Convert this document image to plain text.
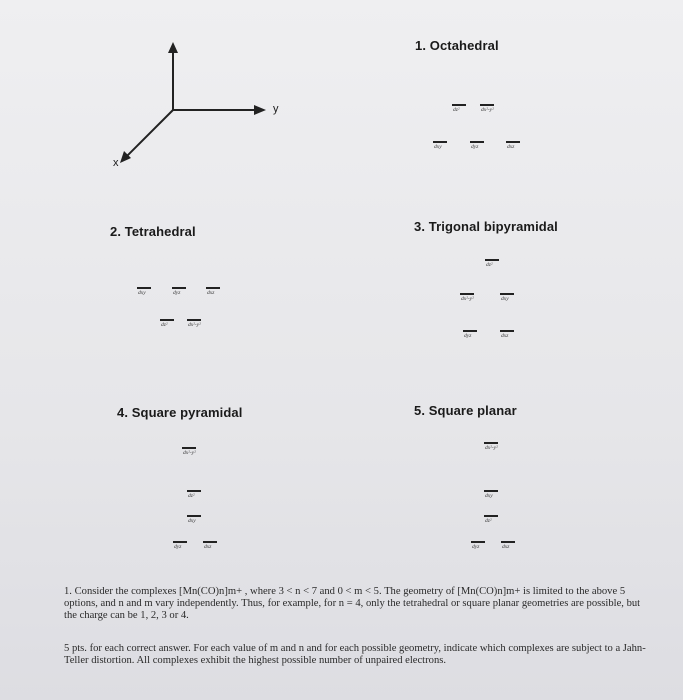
y
x
1. Octahedral
dz²	dx²-y²
dxy	dyz	dxz
2. Tetrahedral
dxy	dyz	dxz
dz²	dx²-y²
3. Trigonal bipyramidal
dz²
dx²-y²	dxy
dyz	dxz
4. Square pyramidal
dx²-y²
dz²
dxy
dyz	dxz
5. Square planar
dx²-y²
dxy
dz²
dyz	dxz
1. Consider the complexes [Mn(CO)n]m+ , where 3 < n < 7 and 0 < m < 5. The geometry of [Mn(CO)n]m+ is limited to the above 5 options, and n and m vary independently. Thus, for example, for n = 4, only the tetrahedral or square planar geometries are possible, but the charge can be 1, 2, 3 or 4.
5 pts. for each correct answer. For each value of m and n and for each possible geometry, indicate which complexes are subject to a Jahn-Teller distortion. All complexes exhibit the highest possible number of unpaired electrons.
